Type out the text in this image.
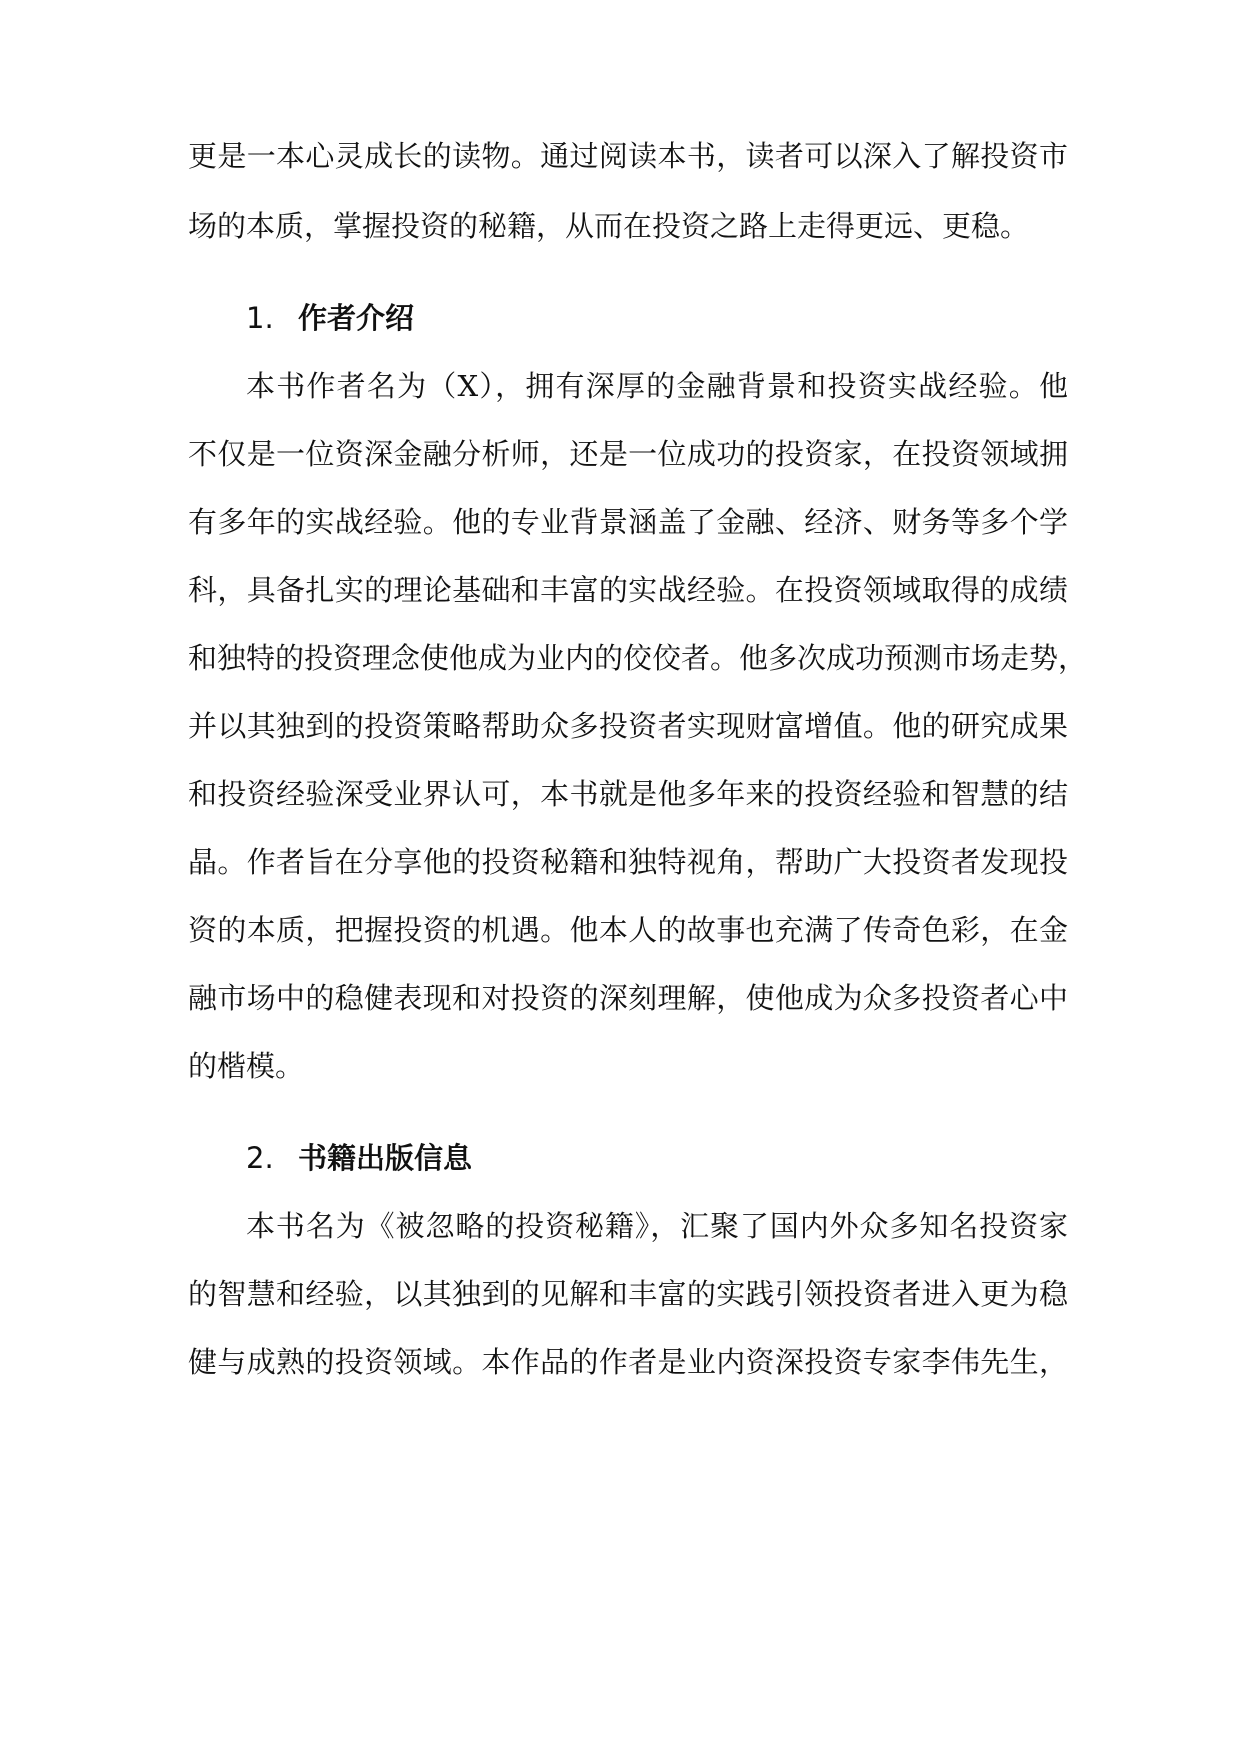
更是一本心灵成长的读物。通过阅读本书，读者可以深入了解投资市
场的本质，掌握投资的秘籍，从而在投资之路上走得更远、更稳。
1. 作者介绍
本书作者名为（X），拥有深厚的金融背景和投资实战经验。他
不仅是一位资深金融分析师，还是一位成功的投资家，在投资领域拥
有多年的实战经验。他的专业背景涵盖了金融、经济、财务等多个学
科，具备扎实的理论基础和丰富的实战经验。在投资领域取得的成绩
和独特的投资理念使他成为业内的佼佼者。他多次成功预测市场走势，
并以其独到的投资策略帮助众多投资者实现财富增值。他的研究成果
和投资经验深受业界认可，本书就是他多年来的投资经验和智慧的结
晶。作者旨在分享他的投资秘籍和独特视角，帮助广大投资者发现投
资的本质，把握投资的机遇。他本人的故事也充满了传奇色彩，在金
融市场中的稳健表现和对投资的深刻理解，使他成为众多投资者心中
的楷模。
2. 书籍出版信息
本书名为《被忽略的投资秘籍》，汇聚了国内外众多知名投资家
的智慧和经验，以其独到的见解和丰富的实践引领投资者进入更为稳
健与成熟的投资领域。本作品的作者是业内资深投资专家李伟先生，
